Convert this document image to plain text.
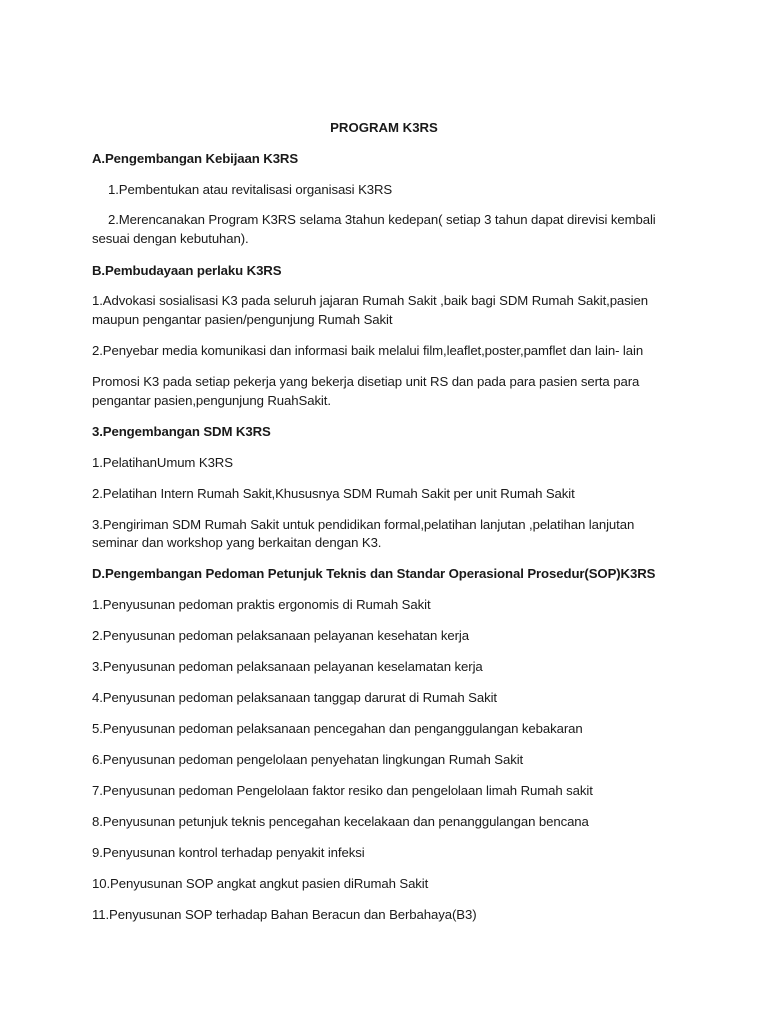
PROGRAM K3RS
A.Pengembangan Kebijaan K3RS
1.Pembentukan atau revitalisasi organisasi K3RS
2.Merencanakan Program K3RS selama 3tahun kedepan( setiap 3 tahun dapat direvisi kembali
sesuai dengan kebutuhan).
B.Pembudayaan perlaku K3RS
1.Advokasi sosialisasi K3 pada seluruh jajaran Rumah Sakit ,baik bagi SDM Rumah Sakit,pasien
maupun pengantar pasien/pengunjung Rumah Sakit
2.Penyebar media komunikasi dan informasi baik melalui film,leaflet,poster,pamflet dan lain- lain
Promosi K3 pada setiap pekerja yang bekerja disetiap unit RS dan pada para pasien serta para
pengantar pasien,pengunjung RuahSakit.
3.Pengembangan SDM K3RS
1.PelatihanUmum K3RS
2.Pelatihan Intern Rumah Sakit,Khususnya SDM Rumah Sakit per unit Rumah Sakit
3.Pengiriman SDM Rumah Sakit untuk pendidikan formal,pelatihan lanjutan ,pelatihan lanjutan
seminar dan workshop yang berkaitan dengan K3.
D.Pengembangan Pedoman Petunjuk Teknis dan Standar Operasional Prosedur(SOP)K3RS
1.Penyusunan pedoman praktis ergonomis di Rumah Sakit
2.Penyusunan pedoman pelaksanaan pelayanan kesehatan kerja
3.Penyusunan pedoman pelaksanaan pelayanan keselamatan kerja
4.Penyusunan pedoman pelaksanaan tanggap darurat di Rumah Sakit
5.Penyusunan pedoman pelaksanaan pencegahan dan penganggulangan kebakaran
6.Penyusunan pedoman pengelolaan penyehatan lingkungan Rumah Sakit
7.Penyusunan pedoman Pengelolaan faktor resiko dan pengelolaan limah Rumah sakit
8.Penyusunan petunjuk teknis pencegahan kecelakaan dan penanggulangan bencana
9.Penyusunan kontrol terhadap penyakit infeksi
10.Penyusunan SOP angkat angkut pasien diRumah Sakit
11.Penyusunan SOP terhadap Bahan Beracun dan Berbahaya(B3)
